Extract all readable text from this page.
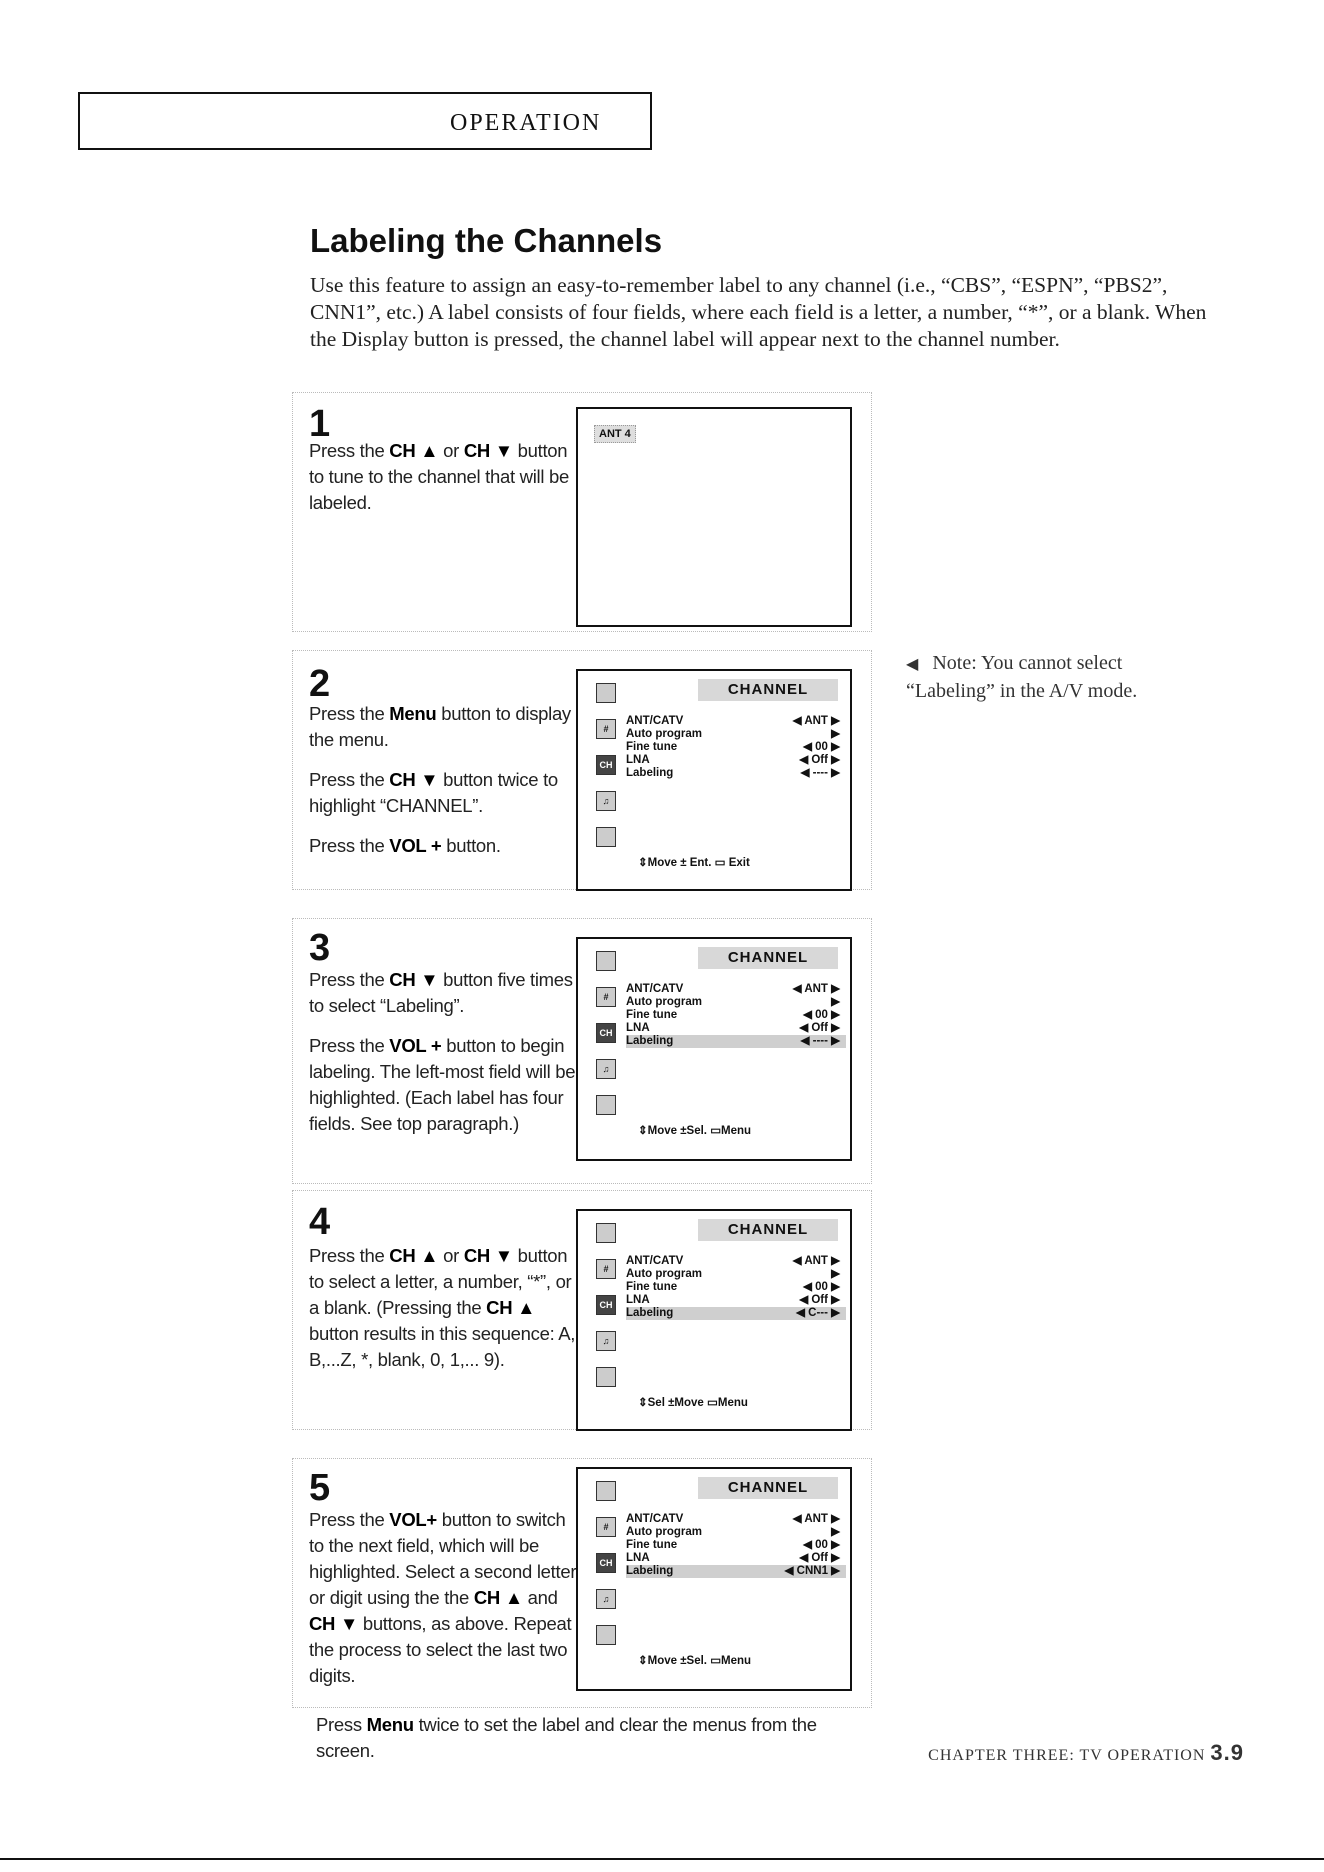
OPERATION
Labeling the Channels

Use this feature to assign an easy-to-remember label to any channel (i.e., “CBS”, “ESPN”, “PBS2”, CNN1”, etc.) A label consists of four fields, where each field is a letter, a number, “*”, or a blank. When the Display button is pressed, the channel label will appear next to the channel number.

1

Press the CH ▲ or CH ▼ button to tune to the channel that will be labeled.

ANT 4
2

Press the Menu button to display the menu.

Press the CH ▼ button twice to highlight “CHANNEL”.

Press the VOL + button.

#
CH
♫
CHANNEL
ANT/CATV	◀ ANT ▶
Auto program	▶
Fine tune	◀ 00 ▶
LNA	◀ Off ▶
Labeling	◀ ---- ▶
⇕Move ± Ent. ▭ Exit
3

Press the CH ▼ button five times to select “Labeling”.

Press the VOL + button to begin labeling. The left-most field will be highlighted. (Each label has four fields. See top paragraph.)

#
CH
♫
CHANNEL
ANT/CATV	◀ ANT ▶
Auto program	▶
Fine tune	◀ 00 ▶
LNA	◀ Off ▶
Labeling	◀ ---- ▶
⇕Move ±Sel. ▭Menu
4

Press the CH ▲ or CH ▼ button to select a letter, a number, “*”, or a blank. (Pressing the CH ▲ button results in this sequence: A, B,...Z, *, blank, 0, 1,... 9).

#
CH
♫
CHANNEL
ANT/CATV	◀ ANT ▶
Auto program	▶
Fine tune	◀ 00 ▶
LNA	◀ Off ▶
Labeling	◀ C--- ▶
⇕Sel ±Move ▭Menu
5

Press the VOL+ button to switch to the next field, which will be highlighted. Select a second letter or digit using the the CH ▲ and CH ▼ buttons, as above. Repeat the process to select the last two digits.

#
CH
♫
CHANNEL
ANT/CATV	◀ ANT ▶
Auto program	▶
Fine tune	◀ 00 ▶
LNA	◀ Off ▶
Labeling	◀ CNN1 ▶
⇕Move ±Sel. ▭Menu
Press Menu twice to set the label and clear the menus from the screen.
◀ Note: You cannot select “Labeling” in the A/V mode.
CHAPTER THREE: TV OPERATION 3.9
